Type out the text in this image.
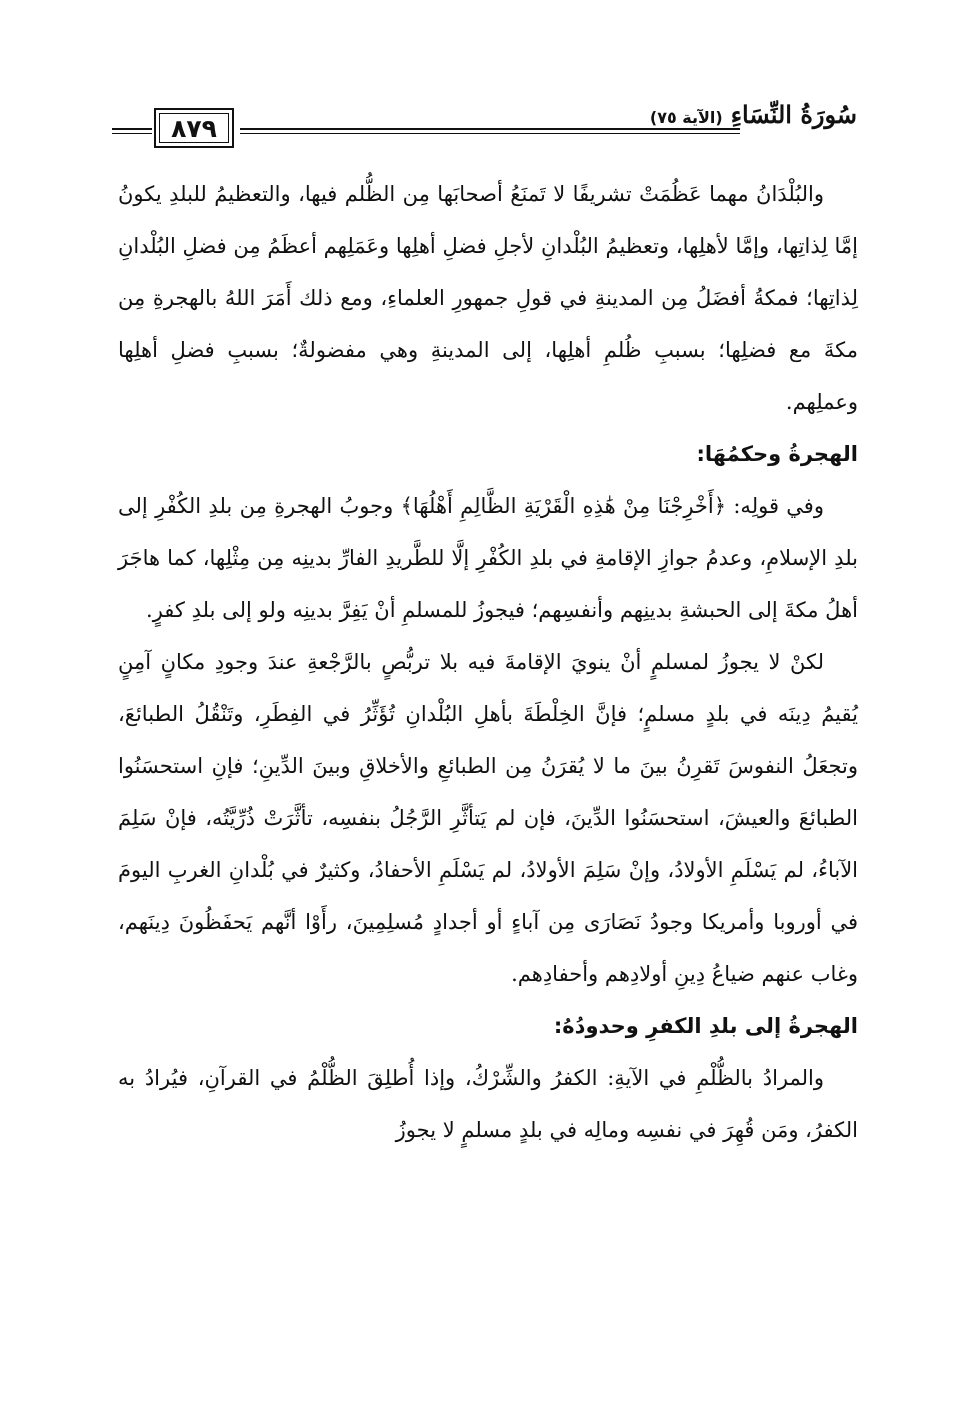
٨٧٩	سُورَةُ النِّسَاءِ
(الآية ٧٥)

والبُلْدَانُ مهما عَظُمَتْ تشريفًا لا تَمنَعُ أصحابَها مِن الظُّلم فيها، والتعظيمُ للبلدِ يكونُ إمَّا لِذاتِها، وإمَّا لأهلِها، وتعظيمُ البُلْدانِ لأجلِ فضلِ أهلِها وعَمَلِهم أعظَمُ مِن فضلِ البُلْدانِ لِذاتِها؛ فمكةُ أفضَلُ مِن المدينةِ في قولِ جمهورِ العلماءِ، ومع ذلك أَمَرَ اللهُ بالهجرةِ مِن مكةَ مع فضلِها؛ بسببِ ظُلمِ أهلِها، إلى المدينةِ وهي مفضولةٌ؛ بسببِ فضلِ أهلِها وعملِهم.

الهجرةُ وحكمُهَا:

وفي قولِه: ﴿أَخْرِجْنَا مِنْ هَٰذِهِ الْقَرْيَةِ الظَّالِمِ أَهْلُهَا﴾ وجوبُ الهجرةِ مِن بلدِ الكُفْرِ إلى بلدِ الإسلامِ، وعدمُ جوازِ الإقامةِ في بلدِ الكُفْرِ إلَّا للطَّريدِ الفارِّ بدينِه مِن مِثْلِها، كما هاجَرَ أهلُ مكةَ إلى الحبشةِ بدينِهم وأنفسِهم؛ فيجوزُ للمسلمِ أنْ يَفِرَّ بدينِه ولو إلى بلدِ كفرٍ.

لكنْ لا يجوزُ لمسلمٍ أنْ ينويَ الإقامةَ فيه بلا تربُّصٍ بالرَّجْعةِ عندَ وجودِ مكانٍ آمِنٍ يُقيمُ دِينَه في بلدٍ مسلمٍ؛ فإنَّ الخِلْطَةَ بأهلِ البُلْدانِ تُؤَثِّرُ في الفِطَرِ، وتَنْقُلُ الطبائعَ، وتجعَلُ النفوسَ تَقرِنُ بينَ ما لا يُقرَنُ مِن الطبائعِ والأخلاقِ وبينَ الدِّينِ؛ فإنِ استحسَنُوا الطبائعَ والعيشَ، استحسَنُوا الدِّينَ، فإن لم يَتأثَّرِ الرَّجُلُ بنفسِه، تأثَّرَتْ ذُرِّيَّتُه، فإنْ سَلِمَ الآباءُ، لم يَسْلَمِ الأولادُ، وإنْ سَلِمَ الأولادُ، لم يَسْلَمِ الأحفادُ، وكثيرٌ في بُلْدانِ الغربِ اليومَ في أوروبا وأمريكا وجودُ نَصَارَى مِن آباءٍ أو أجدادٍ مُسلِمِينَ، رأَوْا أنَّهم يَحفَظُونَ دِينَهم، وغاب عنهم ضياعُ دِينِ أولادِهم وأحفادِهم.

الهجرةُ إلى بلدِ الكفرِ وحدودُهُ:

والمرادُ بالظُّلْمِ في الآيةِ: الكفرُ والشِّرْكُ، وإذا أُطلِقَ الظُّلْمُ في القرآنِ، فيُرادُ به الكفرُ، ومَن قُهِرَ في نفسِه ومالِه في بلدٍ مسلمٍ لا يجوزُ
